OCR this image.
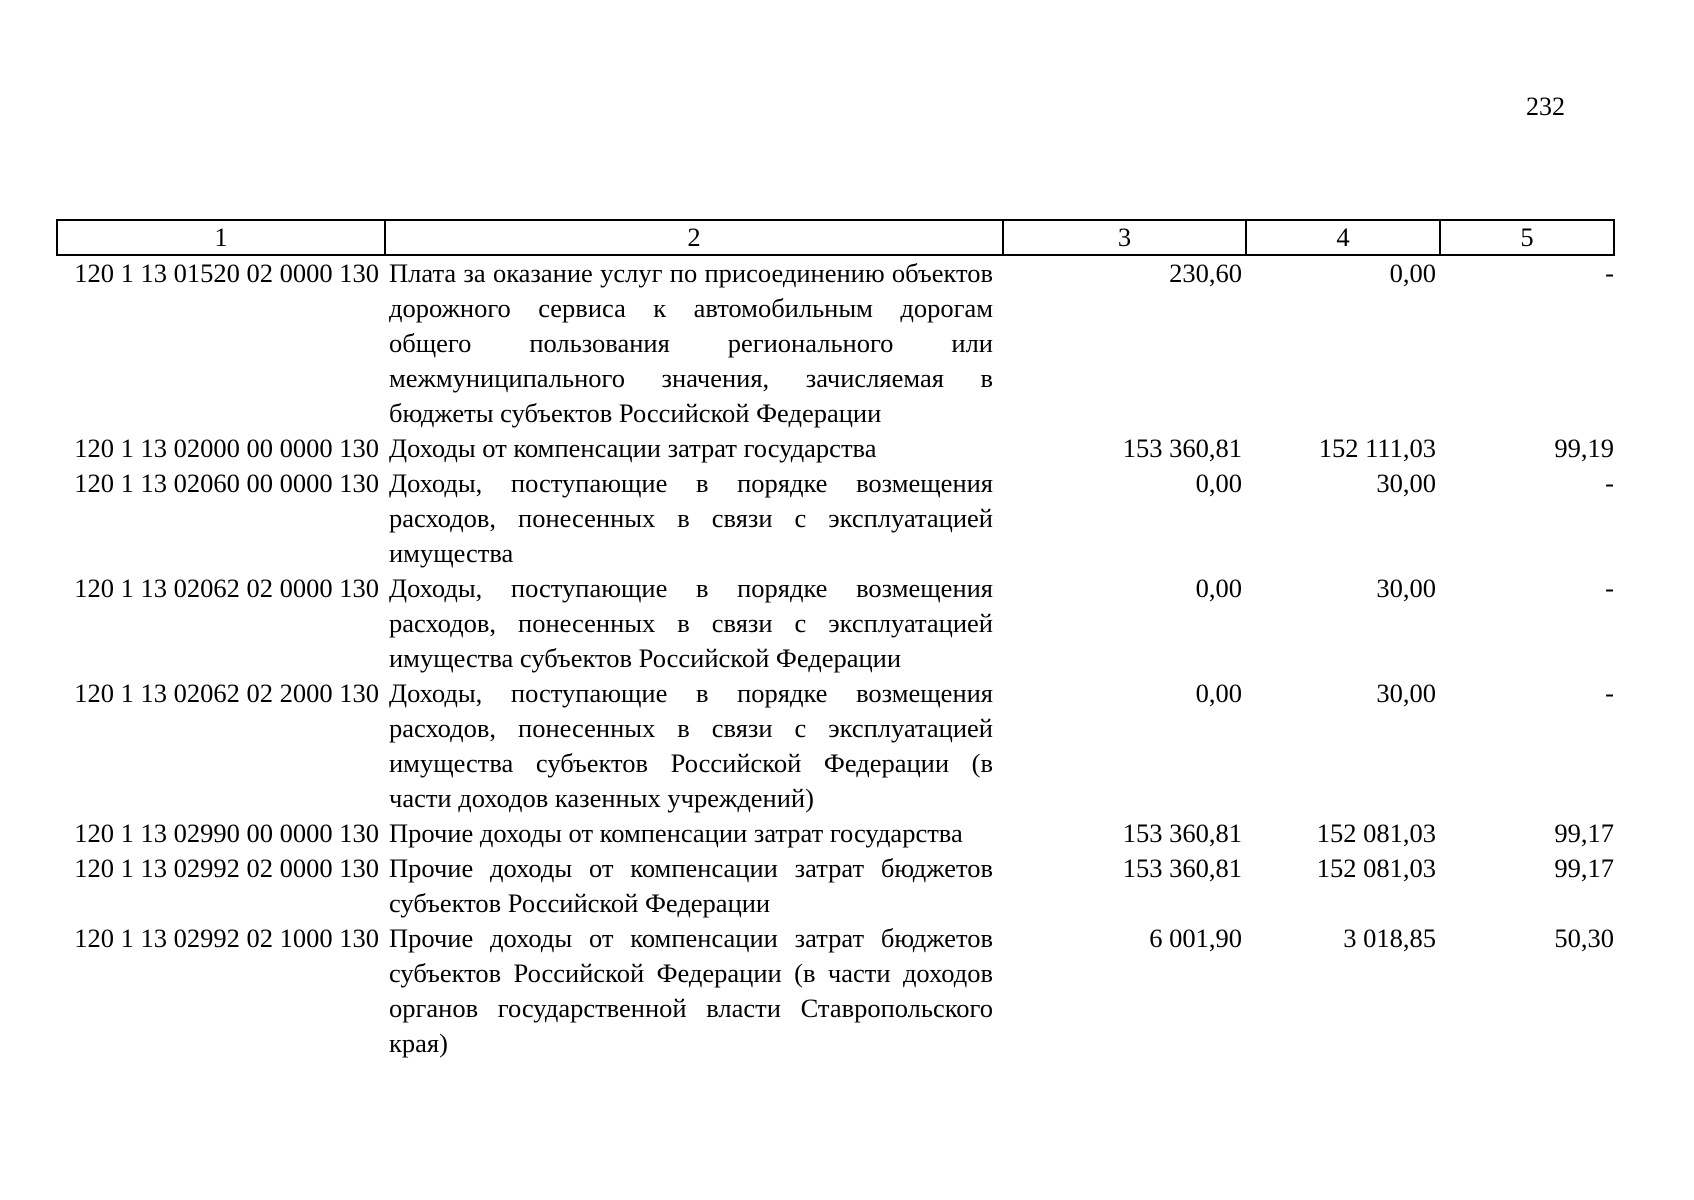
232
1	2	3	4	5
120 1 13 01520 02 0000 130	Плата за оказание услуг по присоединению объектов дорожного сервиса к автомобильным дорогам общего пользования регионального или межмуниципального значения, зачисляемая в бюджеты субъектов Российской Федерации	230,60	0,00	-
120 1 13 02000 00 0000 130	Доходы от компенсации затрат государства	153 360,81	152 111,03	99,19
120 1 13 02060 00 0000 130	Доходы, поступающие в порядке возмещения расходов, понесенных в связи с эксплуатацией имущества	0,00	30,00	-
120 1 13 02062 02 0000 130	Доходы, поступающие в порядке возмещения расходов, понесенных в связи с эксплуатацией имущества субъектов Российской Федерации	0,00	30,00	-
120 1 13 02062 02 2000 130	Доходы, поступающие в порядке возмещения расходов, понесенных в связи с эксплуатацией имущества субъектов Российской Федерации (в части доходов казенных учреждений)	0,00	30,00	-
120 1 13 02990 00 0000 130	Прочие доходы от компенсации затрат государства	153 360,81	152 081,03	99,17
120 1 13 02992 02 0000 130	Прочие доходы от компенсации затрат бюджетов субъектов Российской Федерации	153 360,81	152 081,03	99,17
120 1 13 02992 02 1000 130	Прочие доходы от компенсации затрат бюджетов субъектов Российской Федерации (в части доходов органов государственной власти Ставропольского края)	6 001,90	3 018,85	50,30
